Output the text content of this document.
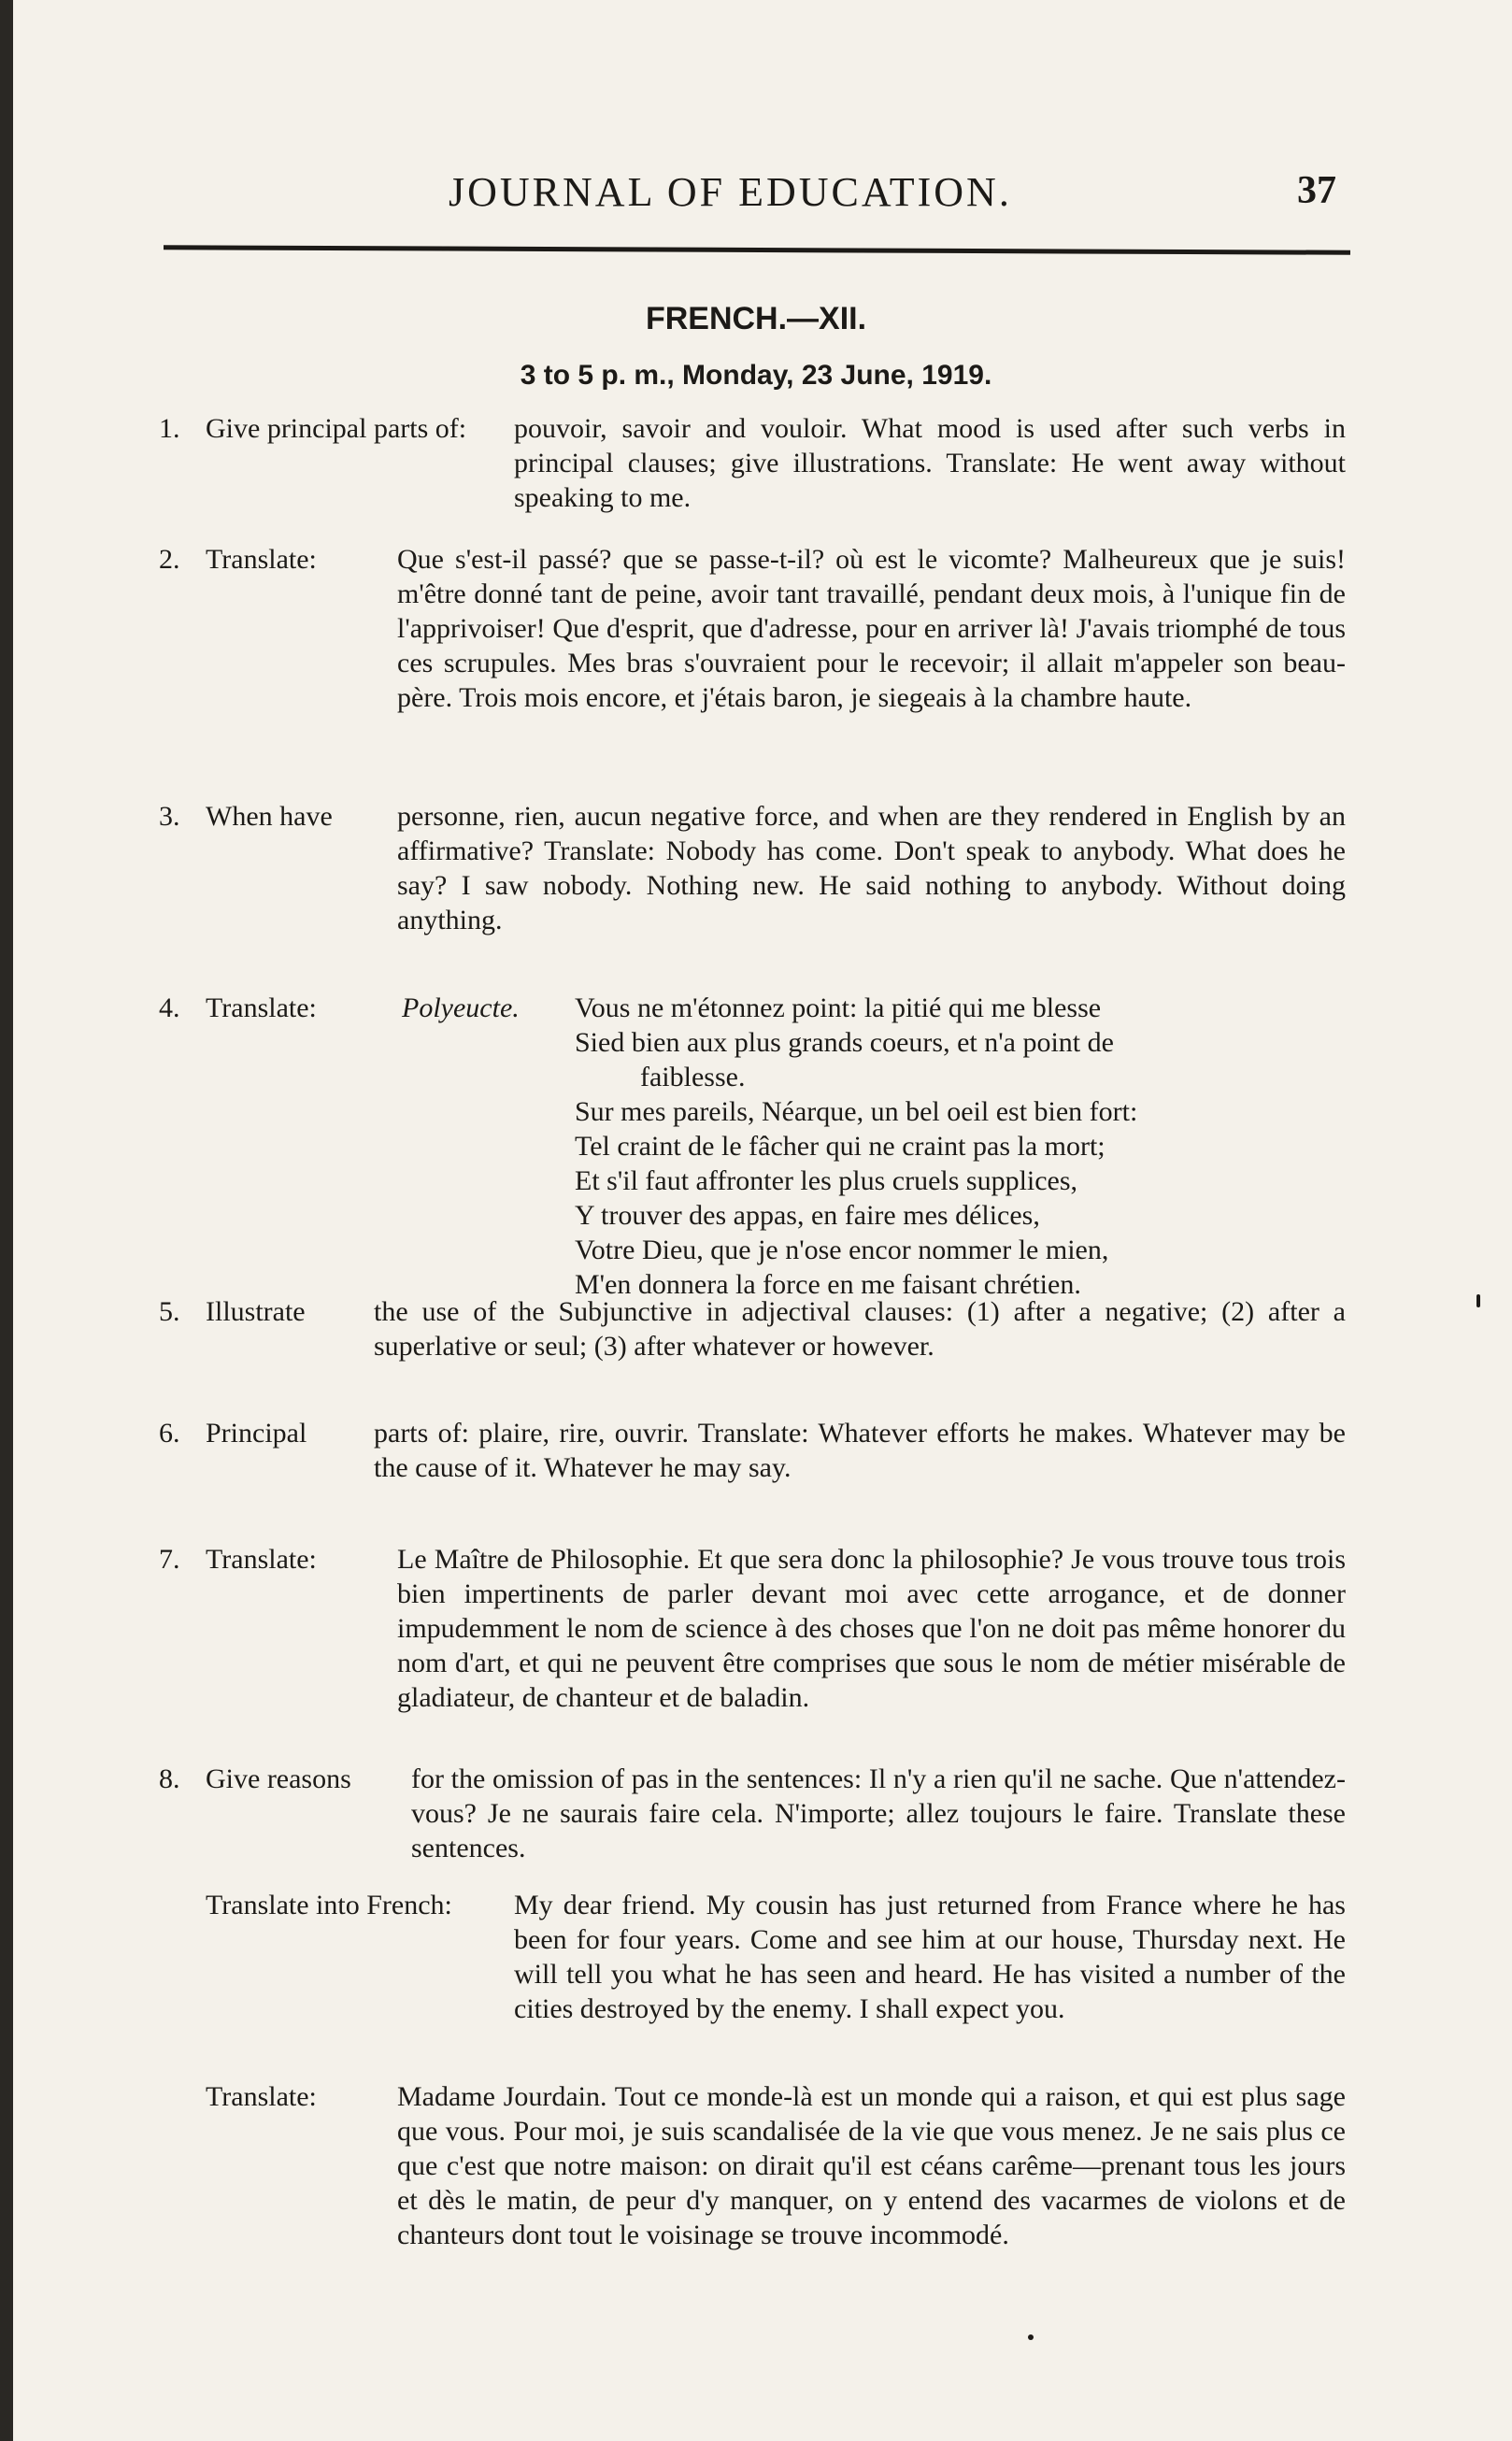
JOURNAL OF EDUCATION.	37
FRENCH.—XII.
3 to 5 p. m., Monday, 23 June, 1919.
1. Give principal parts of: pouvoir, savoir and vouloir. What mood is used after such verbs in principal clauses; give illustrations. Translate: He went away without speaking to me.

2. Translate:	Que s'est-il passé? que se passe-t-il? où est le vicomte? Malheureux que je suis! m'être donné tant de peine, avoir tant travaillé, pendant deux mois, à l'unique fin de l'apprivoiser! Que d'esprit, que d'adresse, pour en arriver là! J'avais triomphé de tous ces scrupules. Mes bras s'ouvraient pour le recevoir; il allait m'appeler son beau-père. Trois mois encore, et j'étais baron, je siegeais à la chambre haute.

3. When have personne, rien, aucun negative force, and when are they rendered in English by an affirmative? Translate: Nobody has come. Don't speak to anybody. What does he say? I saw nobody. Nothing new. He said nothing to anybody. Without doing anything.

4. Translate:	Polyeucte. Vous ne m'étonnez point: la pitié qui me blesse
Sied bien aux plus grands coeurs, et n'a point de
faiblesse.
Sur mes pareils, Néarque, un bel oeil est bien fort:
Tel craint de le fâcher qui ne craint pas la mort;
Et s'il faut affronter les plus cruels supplices,
Y trouver des appas, en faire mes délices,
Votre Dieu, que je n'ose encor nommer le mien,
M'en donnera la force en me faisant chrétien.
5. Illustrate the use of the Subjunctive in adjectival clauses: (1) after a negative; (2) after a superlative or seul; (3) after whatever or however.

6. Principal parts of: plaire, rire, ouvrir. Translate: Whatever efforts he makes. Whatever may be the cause of it. Whatever he may say.

7. Translate:	Le Maître de Philosophie. Et que sera donc la philosophie? Je vous trouve tous trois bien impertinents de parler devant moi avec cette arrogance, et de donner impudemment le nom de science à des choses que l'on ne doit pas même honorer du nom d'art, et qui ne peuvent être comprises que sous le nom de métier misérable de gladiateur, de chanteur et de baladin.

8. Give reasons for the omission of pas in the sentences: Il n'y a rien qu'il ne sache. Que n'attendez-vous? Je ne saurais faire cela. N'importe; allez toujours le faire. Translate these sentences.

Translate into French: My dear friend. My cousin has just returned from France where he has been for four years. Come and see him at our house, Thursday next. He will tell you what he has seen and heard. He has visited a number of the cities destroyed by the enemy. I shall expect you.

Translate:	Madame Jourdain. Tout ce monde-là est un monde qui a raison, et qui est plus sage que vous. Pour moi, je suis scandalisée de la vie que vous menez. Je ne sais plus ce que c'est que notre maison: on dirait qu'il est céans carême—prenant tous les jours et dès le matin, de peur d'y manquer, on y entend des vacarmes de violons et de chanteurs dont tout le voisinage se trouve incommodé.
